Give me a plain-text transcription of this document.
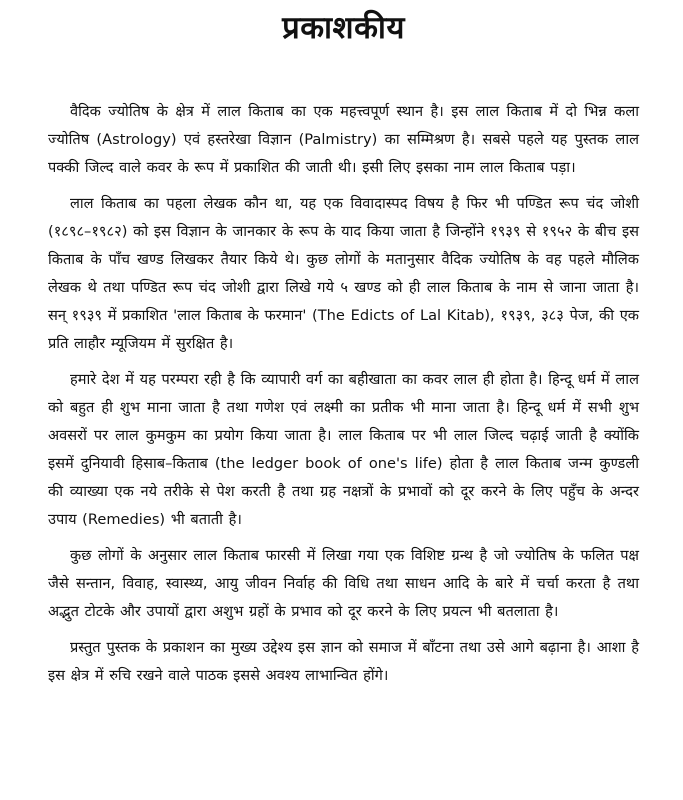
प्रकाशकीय

वैदिक ज्योतिष के क्षेत्र में लाल किताब का एक महत्त्वपूर्ण स्थान है। इस लाल किताब में दो भिन्न कला ज्योतिष (Astrology) एवं हस्तरेखा विज्ञान (Palmistry) का सम्मिश्रण है। सबसे पहले यह पुस्तक लाल पक्की जिल्द वाले कवर के रूप में प्रकाशित की जाती थी। इसी लिए इसका नाम लाल किताब पड़ा।

लाल किताब का पहला लेखक कौन था, यह एक विवादास्पद विषय है फिर भी पण्डित रूप चंद जोशी (१८९८–१९८२) को इस विज्ञान के जानकार के रूप के याद किया जाता है जिन्होंने १९३९ से १९५२ के बीच इस किताब के पाँच खण्ड लिखकर तैयार किये थे। कुछ लोगों के मतानुसार वैदिक ज्योतिष के वह पहले मौलिक लेखक थे तथा पण्डित रूप चंद जोशी द्वारा लिखे गये ५ खण्ड को ही लाल किताब के नाम से जाना जाता है। सन् १९३९ में प्रकाशित 'लाल किताब के फरमान' (The Edicts of Lal Kitab), १९३९, ३८३ पेज, की एक प्रति लाहौर म्यूजियम में सुरक्षित है।

हमारे देश में यह परम्परा रही है कि व्यापारी वर्ग का बहीखाता का कवर लाल ही होता है। हिन्दू धर्म में लाल को बहुत ही शुभ माना जाता है तथा गणेश एवं लक्ष्मी का प्रतीक भी माना जाता है। हिन्दू धर्म में सभी शुभ अवसरों पर लाल कुमकुम का प्रयोग किया जाता है। लाल किताब पर भी लाल जिल्द चढ़ाई जाती है क्योंकि इसमें दुनियावी हिसाब–किताब (the ledger book of one's life) होता है लाल किताब जन्म कुण्डली की व्याख्या एक नये तरीके से पेश करती है तथा ग्रह नक्षत्रों के प्रभावों को दूर करने के लिए पहुँच के अन्दर उपाय (Remedies) भी बताती है।

कुछ लोगों के अनुसार लाल किताब फारसी में लिखा गया एक विशिष्ट ग्रन्थ है जो ज्योतिष के फलित पक्ष जैसे सन्तान, विवाह, स्वास्थ्य, आयु जीवन निर्वाह की विधि तथा साधन आदि के बारे में चर्चा करता है तथा अद्भुत टोटके और उपायों द्वारा अशुभ ग्रहों के प्रभाव को दूर करने के लिए प्रयत्न भी बतलाता है।

प्रस्तुत पुस्तक के प्रकाशन का मुख्य उद्देश्य इस ज्ञान को समाज में बाँटना तथा उसे आगे बढ़ाना है। आशा है इस क्षेत्र में रुचि रखने वाले पाठक इससे अवश्य लाभान्वित होंगे।
